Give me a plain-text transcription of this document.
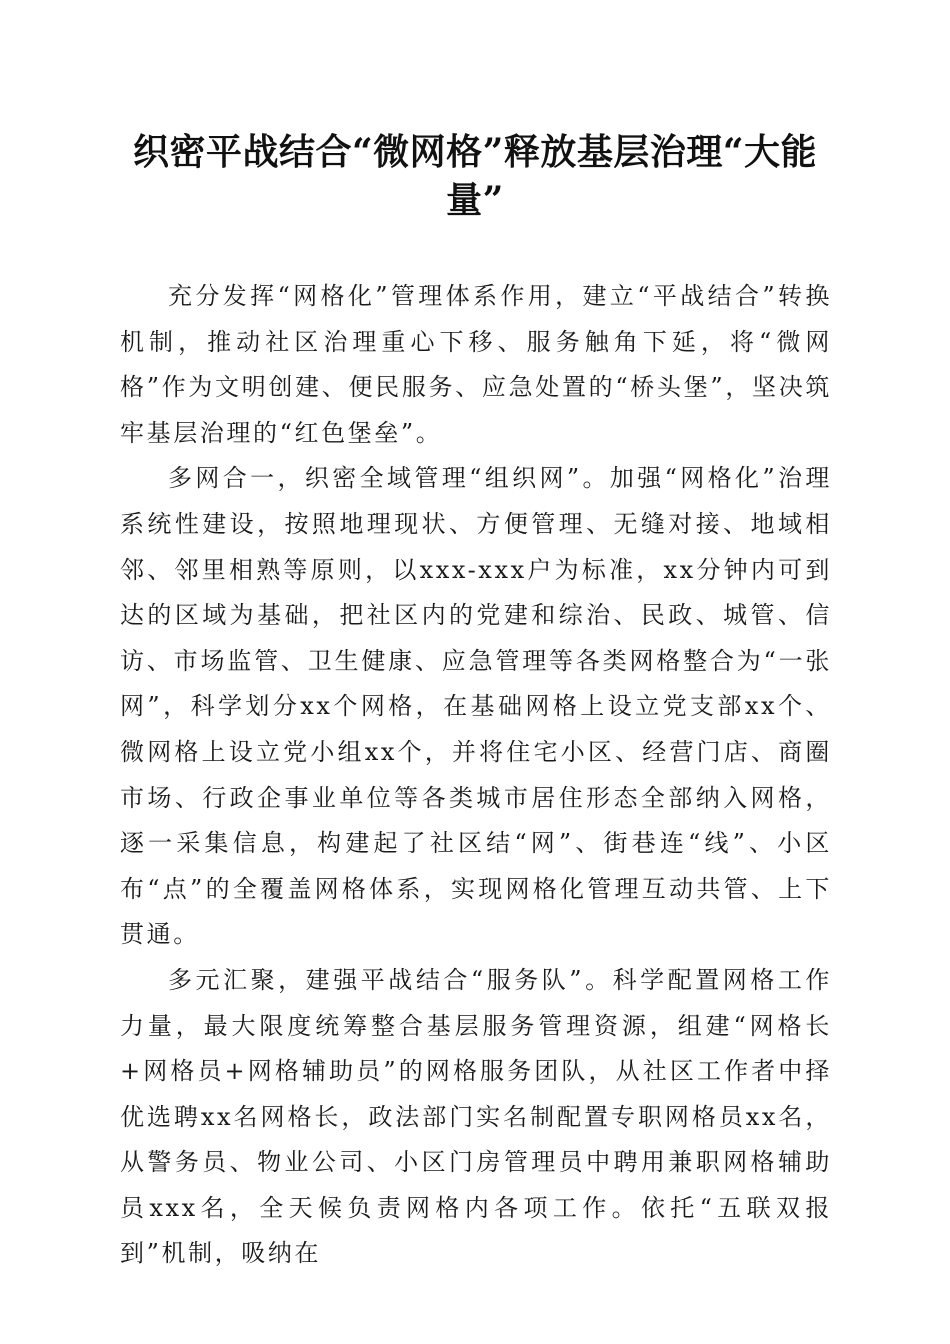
织密平战结合“微网格”释放基层治理“大能量”

充分发挥“网格化”管理体系作用，建立“平战结合”转换机制，推动社区治理重心下移、服务触角下延，将“微网格”作为文明创建、便民服务、应急处置的“桥头堡”，坚决筑牢基层治理的“红色堡垒”。

多网合一，织密全域管理“组织网”。加强“网格化”治理系统性建设，按照地理现状、方便管理、无缝对接、地域相邻、邻里相熟等原则，以xxx-xxx户为标准，xx分钟内可到达的区域为基础，把社区内的党建和综治、民政、城管、信访、市场监管、卫生健康、应急管理等各类网格整合为“一张网”，科学划分xx个网格，在基础网格上设立党支部xx个、微网格上设立党小组xx个，并将住宅小区、经营门店、商圈市场、行政企事业单位等各类城市居住形态全部纳入网格，逐一采集信息，构建起了社区结“网”、街巷连“线”、小区布“点”的全覆盖网格体系，实现网格化管理互动共管、上下贯通。

多元汇聚，建强平战结合“服务队”。科学配置网格工作力量，最大限度统筹整合基层服务管理资源，组建“网格长+网格员+网格辅助员”的网格服务团队，从社区工作者中择优选聘xx名网格长，政法部门实名制配置专职网格员xx名，从警务员、物业公司、小区门房管理员中聘用兼职网格辅助员xxx名，全天候负责网格内各项工作。依托“五联双报到”机制，吸纳在
